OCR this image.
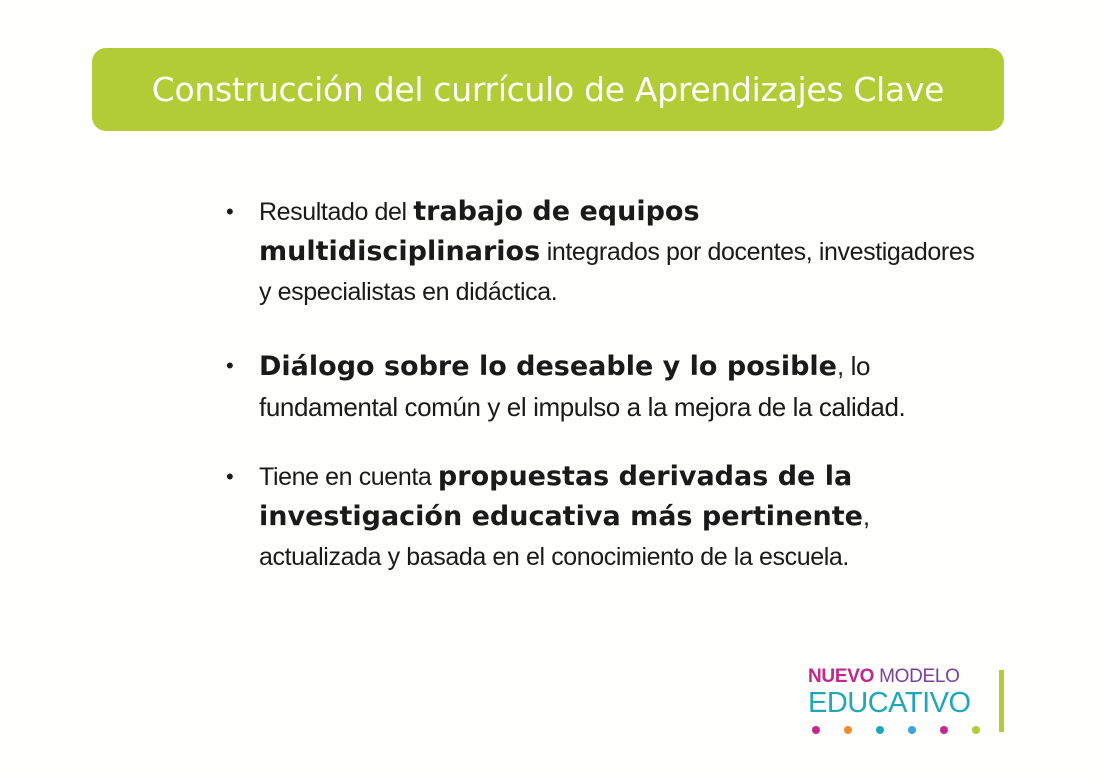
Construcción del currículo de Aprendizajes Clave
• Resultado del trabajo de equipos multidisciplinarios integrados por docentes, investigadores y especialistas en didáctica.
• Diálogo sobre lo deseable y lo posible, lo fundamental común y el impulso a la mejora de la calidad.
• Tiene en cuenta propuestas derivadas de la investigación educativa más pertinente, actualizada y basada en el conocimiento de la escuela.
NUEVO MODELO
EDUCATIVO
